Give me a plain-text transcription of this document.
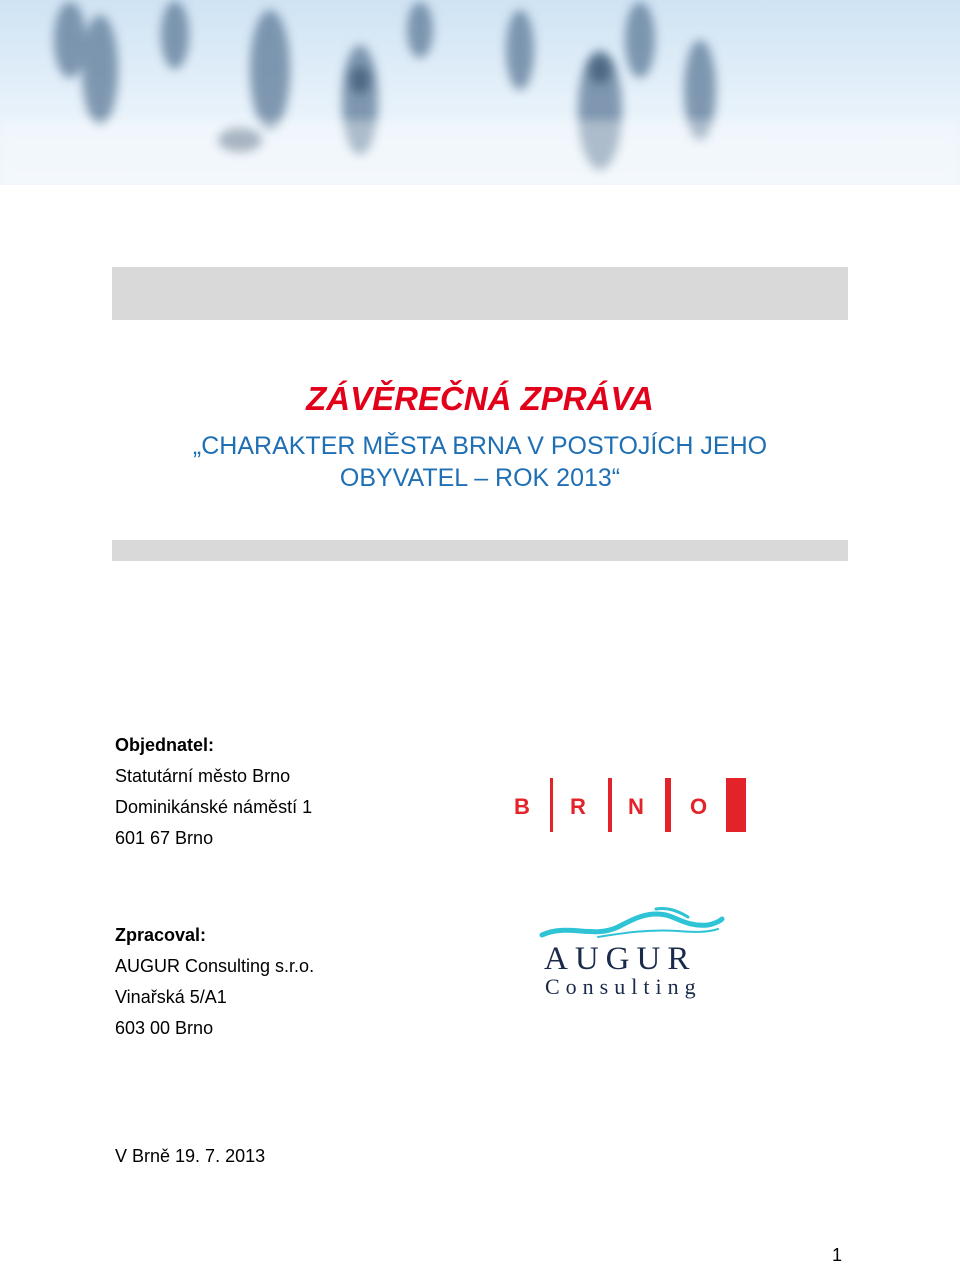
ZÁVĚREČNÁ ZPRÁVA
„CHARAKTER MĚSTA BRNA V POSTOJÍCH JEHO
OBYVATEL – ROK 2013“
Objednatel:
Statutární město Brno
Dominikánské náměstí 1
601 67 Brno
B R N O
Zpracoval:
AUGUR Consulting s.r.o.
Vinařská 5/A1
603 00 Brno
AUGUR
Consulting
V Brně 19. 7. 2013
1
